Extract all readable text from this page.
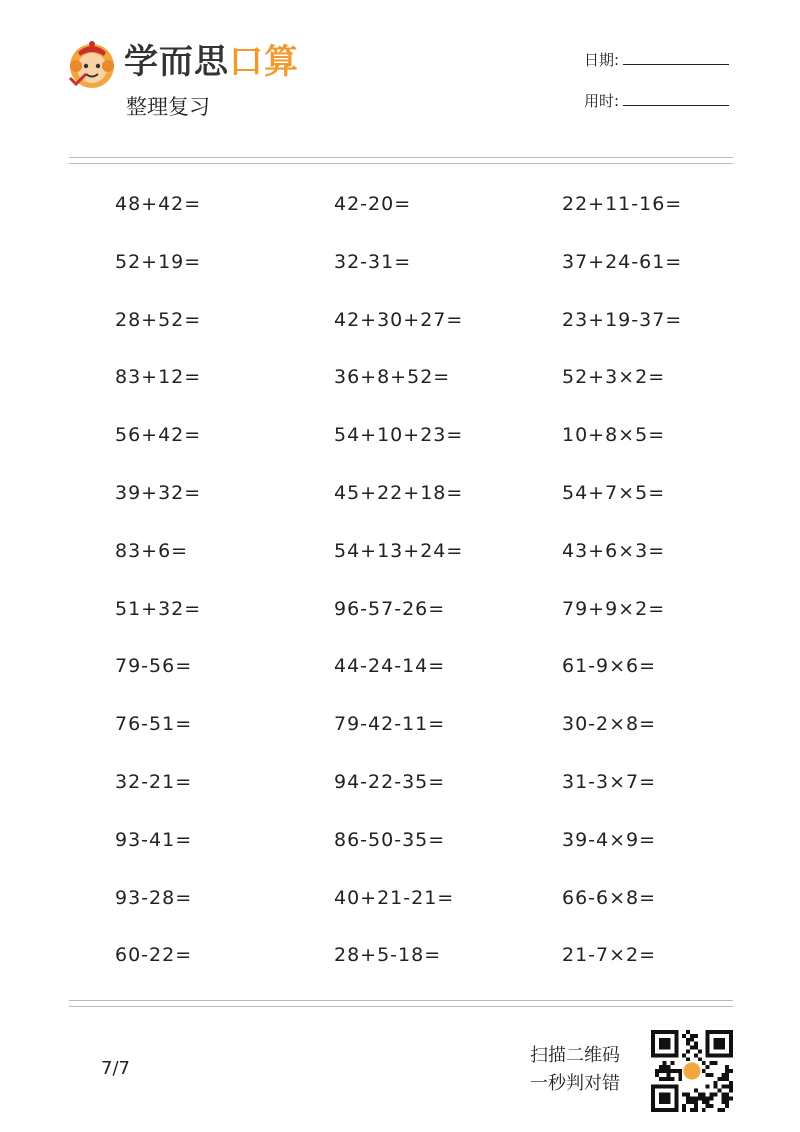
学而思口算
整理复习
日期:
用时:
48+42=
52+19=
28+52=
83+12=
56+42=
39+32=
83+6=
51+32=
79-56=
76-51=
32-21=
93-41=
93-28=
60-22=
42-20=
32-31=
42+30+27=
36+8+52=
54+10+23=
45+22+18=
54+13+24=
96-57-26=
44-24-14=
79-42-11=
94-22-35=
86-50-35=
40+21-21=
28+5-18=
22+11-16=
37+24-61=
23+19-37=
52+3×2=
10+8×5=
54+7×5=
43+6×3=
79+9×2=
61-9×6=
30-2×8=
31-3×7=
39-4×9=
66-6×8=
21-7×2=
7/7
扫描二维码
一秒判对错
